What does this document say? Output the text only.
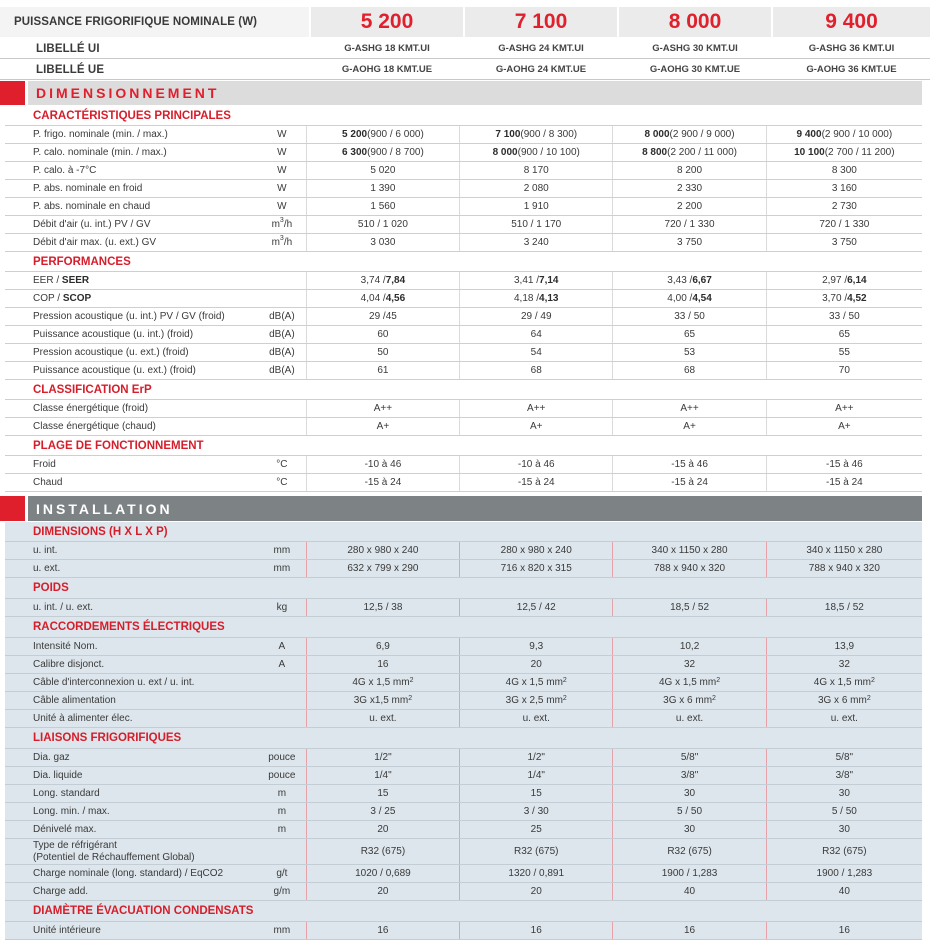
PUISSANCE FRIGORIFIQUE NOMINALE (W)	5 200	7 100	8 000	9 400
LIBELLÉ UI	G-ASHG 18 KMT.UI	G-ASHG 24 KMT.UI	G-ASHG 30 KMT.UI	G-ASHG 36 KMT.UI
LIBELLÉ UE	G-AOHG 18 KMT.UE	G-AOHG 24 KMT.UE	G-AOHG 30 KMT.UE	G-AOHG 36 KMT.UE
DIMENSIONNEMENT
CARACTÉRISTIQUES PRINCIPALES
P. frigo. nominale (min. / max.)	W	5 200 (900 / 6 000)	7 100 (900 / 8 300)	8 000 (2 900 / 9 000)	9 400 (2 900 / 10 000)
P. calo. nominale (min. / max.)	W	6 300 (900 / 8 700)	8 000 (900 / 10 100)	8 800 (2 200 / 11 000)	10 100 (2 700 / 11 200)
P. calo. à -7°C	W	5 020	8 170	8 200	8 300
P. abs. nominale en froid	W	1 390	2 080	2 330	3 160
P. abs. nominale en chaud	W	1 560	1 910	2 200	2 730
Débit d'air (u. int.) PV / GV	$m^3/h$	510 / 1 020	510 / 1 170	720 / 1 330	720 / 1 330
Débit d'air max. (u. ext.) GV	$m^3/h$	3 030	3 240	3 750	3 750
PERFORMANCES
EER / SEER	3,74 / 7,84	3,41 / 7,14	3,43 / 6,67	2,97 / 6,14
COP / SCOP	4,04 / 4,56	4,18 / 4,13	4,00 / 4,54	3,70 / 4,52
Pression acoustique (u. int.) PV / GV (froid)	dB(A)	29 /45	29 / 49	33 / 50	33 / 50
Puissance acoustique (u. int.) (froid)	dB(A)	60	64	65	65
Pression acoustique (u. ext.) (froid)	dB(A)	50	54	53	55
Puissance acoustique (u. ext.) (froid)	dB(A)	61	68	68	70
CLASSIFICATION ErP
Classe énergétique (froid)	A++	A++	A++	A++
Classe énergétique (chaud)	A+	A+	A+	A+
PLAGE DE FONCTIONNEMENT
Froid	°C	-10 à 46	-10 à 46	-15 à 46	-15 à 46
Chaud	°C	-15 à 24	-15 à 24	-15 à 24	-15 à 24
INSTALLATION
DIMENSIONS (H X L X P)
u. int.	mm	280 x 980 x 240	280 x 980 x 240	340 x 1150 x 280	340 x 1150 x 280
u. ext.	mm	632 x 799 x 290	716 x 820 x 315	788 x 940 x 320	788 x 940 x 320
POIDS
u. int. / u. ext.	kg	12,5 / 38	12,5 / 42	18,5 / 52	18,5 / 52
RACCORDEMENTS ÉLECTRIQUES
Intensité Nom.	A	6,9	9,3	10,2	13,9
Calibre disjonct.	A	16	20	32	32
Câble d'interconnexion u. ext / u. int.	4G x 1,5 $mm^2$	4G x 1,5 $mm^2$	4G x 1,5 $mm^2$	4G x 1,5 $mm^2$
Câble alimentation	3G x1,5 $mm^2$	3G x 2,5 $mm^2$	3G x 6 $mm^2$	3G x 6 $mm^2$
Unité à alimenter élec.	u. ext.	u. ext.	u. ext.	u. ext.
LIAISONS FRIGORIFIQUES
Dia. gaz	pouce	1/2"	1/2"	5/8"	5/8"
Dia. liquide	pouce	1/4"	1/4"	3/8"	3/8"
Long. standard	m	15	15	30	30
Long. min. / max.	m	3 / 25	3 / 30	5 / 50	5 / 50
Dénivelé max.	m	20	25	30	30
Type de réfrigérant
(Potentiel de Réchauffement Global)	R32 (675)	R32 (675)	R32 (675)	R32 (675)
Charge nominale (long. standard) / EqCO2	g/t	1020 / 0,689	1320 / 0,891	1900 / 1,283	1900 / 1,283
Charge add.	g/m	20	20	40	40
DIAMÈTRE ÉVACUATION CONDENSATS
Unité intérieure	mm	16	16	16	16
